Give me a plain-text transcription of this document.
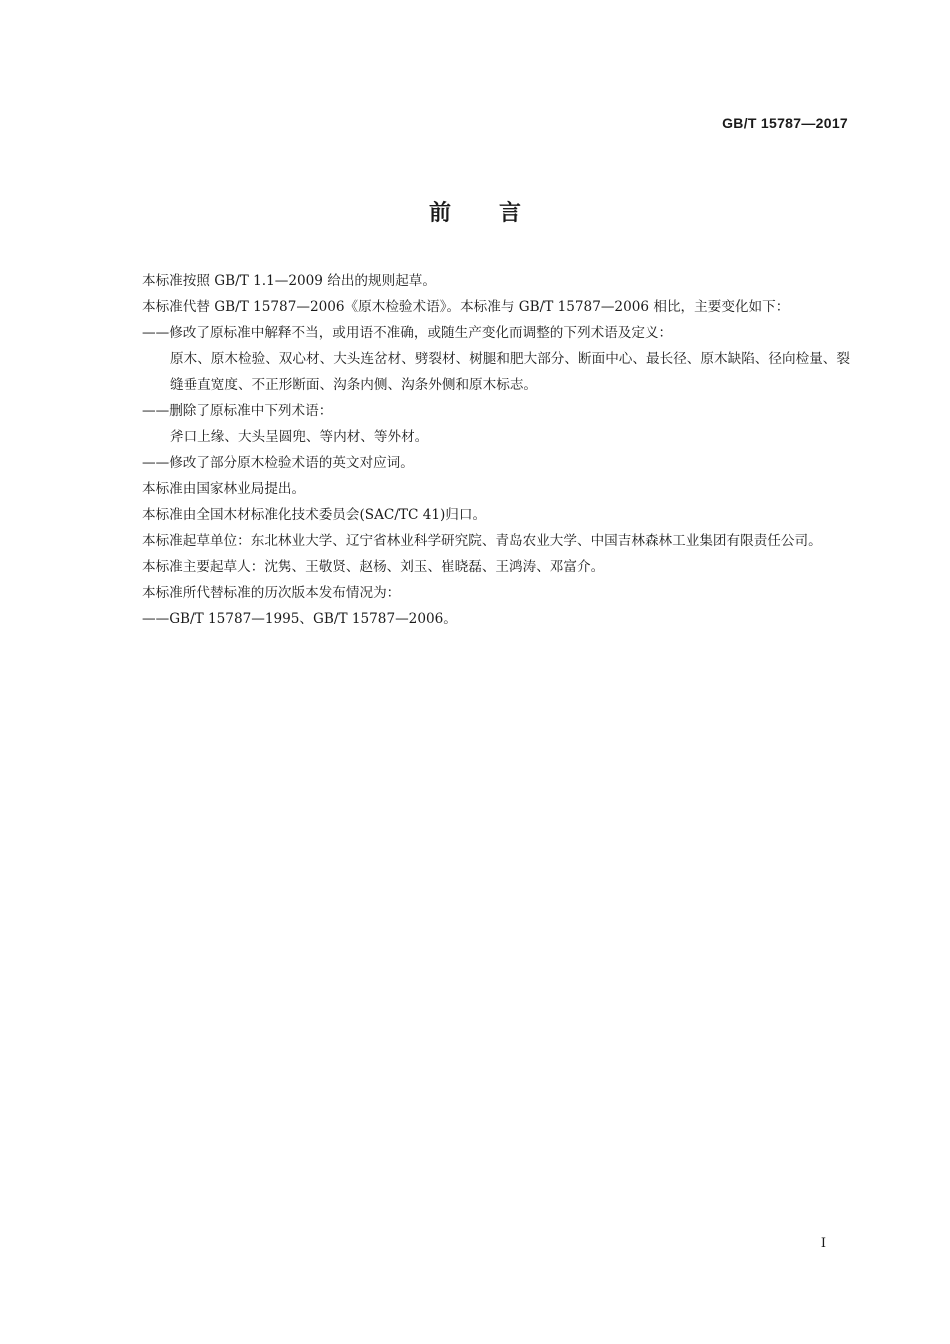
GB/T 15787—2017
前言

本标准按照 GB/T 1.1—2009 给出的规则起草。

本标准代替 GB/T 15787—2006《原木检验术语》。本标准与 GB/T 15787—2006 相比，主要变化如下：

——修改了原标准中解释不当，或用语不准确，或随生产变化而调整的下列术语及定义：

原木、原木检验、双心材、大头连岔材、劈裂材、树腿和肥大部分、断面中心、最长径、原木缺陷、径向检量、裂缝垂直宽度、不正形断面、沟条内侧、沟条外侧和原木标志。

——删除了原标准中下列术语：

斧口上缘、大头呈圆兜、等内材、等外材。

——修改了部分原木检验术语的英文对应词。

本标准由国家林业局提出。

本标准由全国木材标准化技术委员会(SAC/TC 41)归口。

本标准起草单位：东北林业大学、辽宁省林业科学研究院、青岛农业大学、中国吉林森林工业集团有限责任公司。

本标准主要起草人：沈隽、王敬贤、赵杨、刘玉、崔晓磊、王鸿涛、邓富介。

本标准所代替标准的历次版本发布情况为：

——GB/T 15787—1995、GB/T 15787—2006。

I
